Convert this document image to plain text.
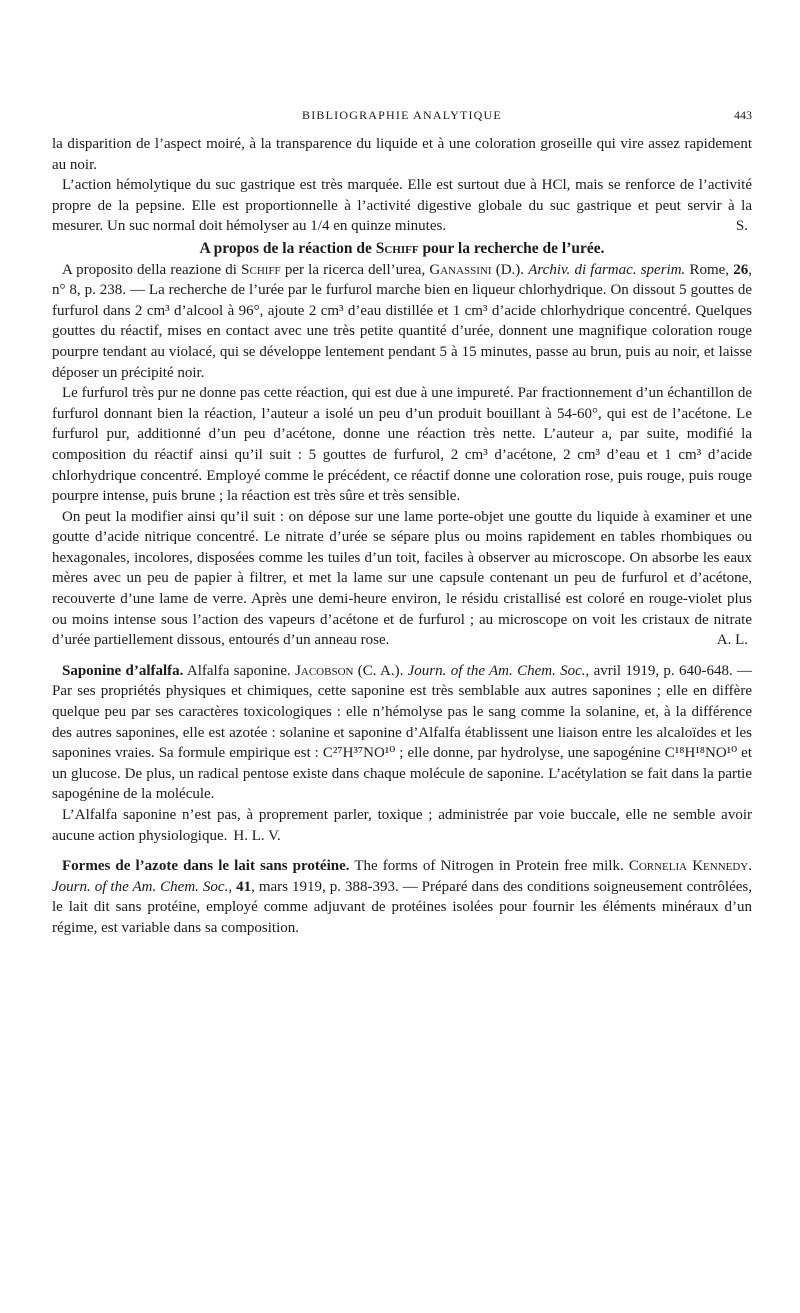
BIBLIOGRAPHIE ANALYTIQUE	443

la disparition de l’aspect moiré, à la transparence du liquide et à une coloration groseille qui vire assez rapidement au noir.

L’action hémolytique du suc gastrique est très marquée. Elle est surtout due à HCl, mais se renforce de l’activité propre de la pepsine. Elle est proportionnelle à l’activité digestive globale du suc gastrique et peut servir à la mesurer. Un suc normal doit hémolyser au 1/4 en quinze minutes.	S.

A propos de la réaction de Schiff pour la recherche de l’urée.

A proposito della reazione di Schiff per la ricerca dell’urea, Ganassini (D.). Archiv. di farmac. sperim. Rome, 26, n° 8, p. 238. — La recherche de l’urée par le furfurol marche bien en liqueur chlorhydrique. On dissout 5 gouttes de furfurol dans 2 cm³ d’alcool à 96°, ajoute 2 cm³ d’eau distillée et 1 cm³ d’acide chlorhydrique concentré. Quelques gouttes du réactif, mises en contact avec une très petite quantité d’urée, donnent une magnifique coloration rouge pourpre tendant au violacé, qui se développe lentement pendant 5 à 15 minutes, passe au brun, puis au noir, et laisse déposer un précipité noir.

Le furfurol très pur ne donne pas cette réaction, qui est due à une impureté. Par fractionnement d’un échantillon de furfurol donnant bien la réaction, l’auteur a isolé un peu d’un produit bouillant à 54-60°, qui est de l’acétone. Le furfurol pur, additionné d’un peu d’acétone, donne une réaction très nette. L’auteur a, par suite, modifié la composition du réactif ainsi qu’il suit : 5 gouttes de furfurol, 2 cm³ d’acétone, 2 cm³ d’eau et 1 cm³ d’acide chlorhydrique concentré. Employé comme le précédent, ce réactif donne une coloration rose, puis rouge, puis rouge pourpre intense, puis brune ; la réaction est très sûre et très sensible.

On peut la modifier ainsi qu’il suit : on dépose sur une lame porte-objet une goutte du liquide à examiner et une goutte d’acide nitrique concentré. Le nitrate d’urée se sépare plus ou moins rapidement en tables rhombiques ou hexagonales, incolores, disposées comme les tuiles d’un toit, faciles à observer au microscope. On absorbe les eaux mères avec un peu de papier à filtrer, et met la lame sur une capsule contenant un peu de furfurol et d’acétone, recouverte d’une lame de verre. Après une demi-heure environ, le résidu cristallisé est coloré en rouge-violet plus ou moins intense sous l’action des vapeurs d’acétone et de furfurol ; au microscope on voit les cristaux de nitrate d’urée partiellement dissous, entourés d’un anneau rose.	A. L.

Saponine d’alfalfa. Alfalfa saponine. Jacobson (C. A.). Journ. of the Am. Chem. Soc., avril 1919, p. 640-648. — Par ses propriétés physiques et chimiques, cette saponine est très semblable aux autres saponines ; elle en diffère quelque peu par ses caractères toxicologiques : elle n’hémolyse pas le sang comme la solanine, et, à la différence des autres saponines, elle est azotée : solanine et saponine d’Alfalfa établissent une liaison entre les alcaloïdes et les saponines vraies. Sa formule empirique est : C²⁷H³⁷NO¹⁰ ; elle donne, par hydrolyse, une sapogénine C¹⁸H¹⁸NO¹⁰ et un glucose. De plus, un radical pentose existe dans chaque molécule de saponine. L’acétylation se fait dans la partie sapogénine de la molécule.

L’Alfalfa saponine n’est pas, à proprement parler, toxique ; administrée par voie buccale, elle ne semble avoir aucune action physiologique. H. L. V.

Formes de l’azote dans le lait sans protéine. The forms of Nitrogen in Protein free milk. Cornelia Kennedy. Journ. of the Am. Chem. Soc., 41, mars 1919, p. 388-393. — Préparé dans des conditions soigneusement contrôlées, le lait dit sans protéine, employé comme adjuvant de protéines isolées pour fournir les éléments minéraux d’un régime, est variable dans sa composition.
